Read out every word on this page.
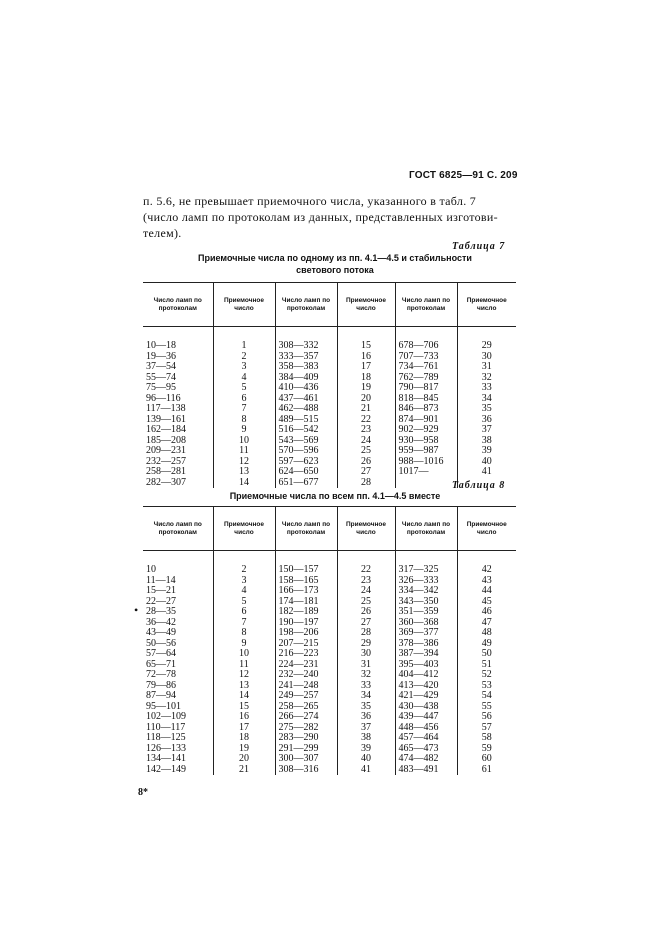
ГОСТ 6825—91 С. 209
п. 5.6, не превышает приемочного числа, указанного в табл. 7
(число ламп по протоколам из данных, представленных изготови-
телем).
Таблица 7
Приемочные числа по одному из пп. 4.1—4.5 и стабильности
светового потока
Число ламп по протоколам	Приемочное число	Число ламп по протоколам	Приемочное число	Число ламп по протоколам	Приемочное число

10—18	1	308—332	15	678—706	29
19—36	2	333—357	16	707—733	30
37—54	3	358—383	17	734—761	31
55—74	4	384—409	18	762—789	32
75—95	5	410—436	19	790—817	33
96—116	6	437—461	20	818—845	34
117—138	7	462—488	21	846—873	35
139—161	8	489—515	22	874—901	36
162—184	9	516—542	23	902—929	37
185—208	10	543—569	24	930—958	38
209—231	11	570—596	25	959—987	39
232—257	12	597—623	26	988—1016	40
258—281	13	624—650	27	1017—	41
282—307	14	651—677	28			Таблица 8
Приемочные числа по всем пп. 4.1—4.5 вместе
Число ламп по протоколам	Приемочное число	Число ламп по протоколам	Приемочное число	Число ламп по протоколам	Приемочное число

10	2	150—157	22	317—325	42
11—14	3	158—165	23	326—333	43
15—21	4	166—173	24	334—342	44
22—27	5	174—181	25	343—350	45
28—35	6	182—189	26	351—359	46
36—42	7	190—197	27	360—368	47
43—49	8	198—206	28	369—377	48
50—56	9	207—215	29	378—386	49
57—64	10	216—223	30	387—394	50
65—71	11	224—231	31	395—403	51
72—78	12	232—240	32	404—412	52
79—86	13	241—248	33	413—420	53
87—94	14	249—257	34	421—429	54
95—101	15	258—265	35	430—438	55
102—109	16	266—274	36	439—447	56
110—117	17	275—282	37	448—456	57
118—125	18	283—290	38	457—464	58
126—133	19	291—299	39	465—473	59
134—141	20	300—307	40	474—482	60
142—149	21	308—316	41	483—491	61
•
8*
